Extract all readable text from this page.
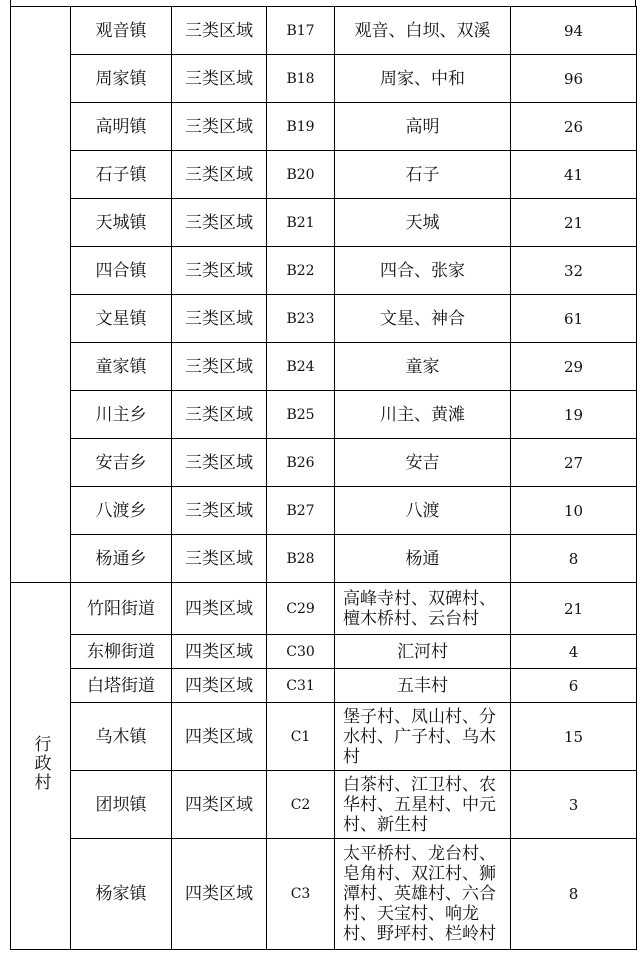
	观音镇	三类区域	B17	观音、白坝、双溪	94
	周家镇	三类区域	B18	周家、中和	96
	高明镇	三类区域	B19	高明	26
	石子镇	三类区域	B20	石子	41
	天城镇	三类区域	B21	天城	21
	四合镇	三类区域	B22	四合、张家	32
	文星镇	三类区域	B23	文星、神合	61
	童家镇	三类区域	B24	童家	29
	川主乡	三类区域	B25	川主、黄滩	19
	安吉乡	三类区域	B26	安吉	27
	八渡乡	三类区域	B27	八渡	10
	杨通乡	三类区域	B28	杨通	8
行政村	竹阳街道	四类区域	C29	高峰寺村、双碑村、檀木桥村、云台村	21
	东柳街道	四类区域	C30	汇河村	4
	白塔街道	四类区域	C31	五丰村	6
	乌木镇	四类区域	C1	堡子村、凤山村、分水村、广子村、乌木村	15
	团坝镇	四类区域	C2	白茶村、江卫村、农华村、五星村、中元村、新生村	3
	杨家镇	四类区域	C3	太平桥村、龙台村、皂角村、双江村、狮潭村、英雄村、六合村、天宝村、响龙村、野坪村、栏岭村	8
